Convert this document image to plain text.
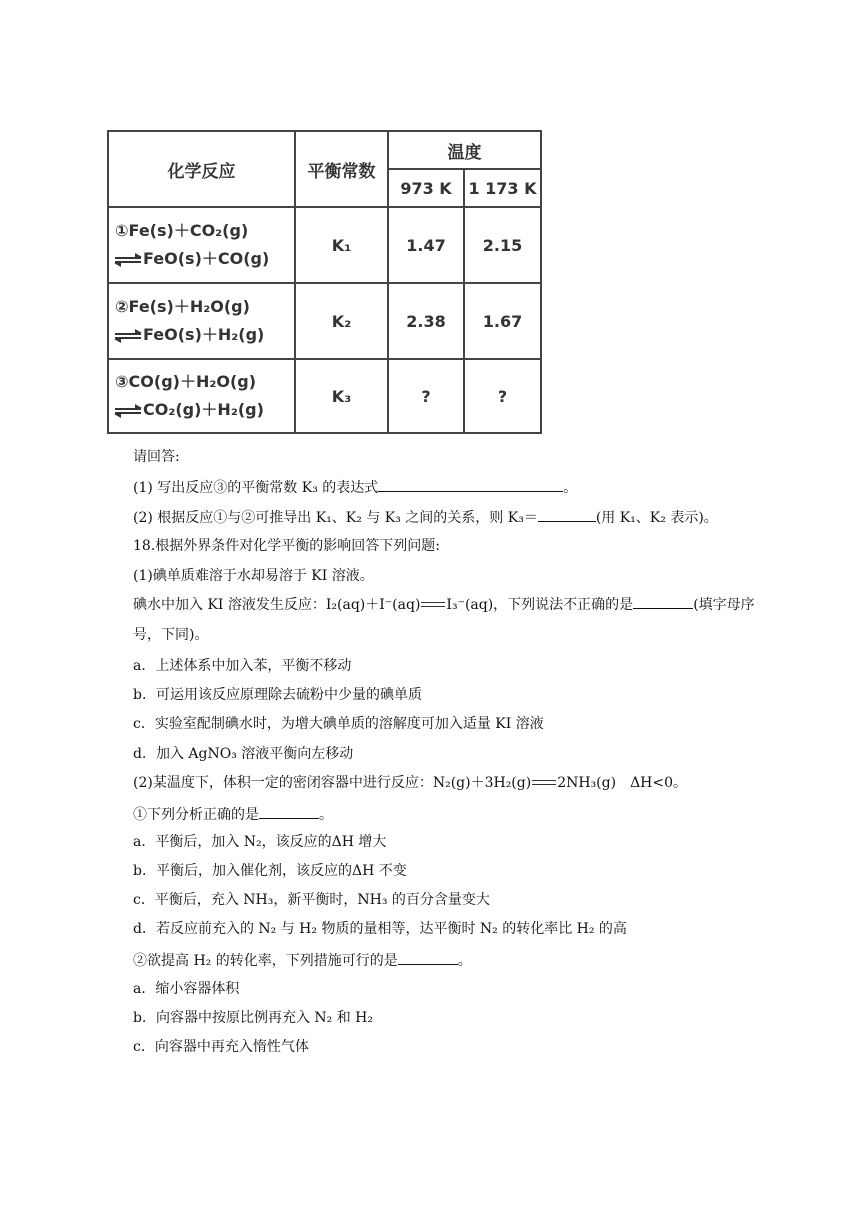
化学反应	平衡常数	温度	
		973 K	1 173 K

①Fe(s)＋CO₂(g)
FeO(s)＋CO(g)	K₁	1.47	2.15

②Fe(s)＋H₂O(g)
FeO(s)＋H₂(g)	K₂	2.38	1.67

③CO(g)＋H₂O(g)
CO₂(g)＋H₂(g)	K₃	?	?
请回答:
(1) 写出反应③的平衡常数 K₃ 的表达式	。
(2) 根据反应①与②可推导出 K₁、K₂ 与 K₃ 之间的关系，则 K₃＝	(用 K₁、K₂ 表示)。
18.根据外界条件对化学平衡的影响回答下列问题:
(1)碘单质难溶于水却易溶于 KI 溶液。
碘水中加入 KI 溶液发生反应：I₂(aq)＋I⁻(aq) I₃⁻(aq)，下列说法不正确的是	(填字母序号，下同)。
a．上述体系中加入苯，平衡不移动
b．可运用该反应原理除去硫粉中少量的碘单质
c．实验室配制碘水时，为增大碘单质的溶解度可加入适量 KI 溶液
d．加入 AgNO₃ 溶液平衡向左移动
(2)某温度下，体积一定的密闭容器中进行反应：N₂(g)＋3H₂(g) 2NH₃(g)　ΔH<0。
①下列分析正确的是	。
a．平衡后，加入 N₂，该反应的ΔH 增大
b．平衡后，加入催化剂，该反应的ΔH 不变
c．平衡后，充入 NH₃，新平衡时，NH₃ 的百分含量变大
d．若反应前充入的 N₂ 与 H₂ 物质的量相等，达平衡时 N₂ 的转化率比 H₂ 的高
②欲提高 H₂ 的转化率，下列措施可行的是	。
a．缩小容器体积
b．向容器中按原比例再充入 N₂ 和 H₂
c．向容器中再充入惰性气体
